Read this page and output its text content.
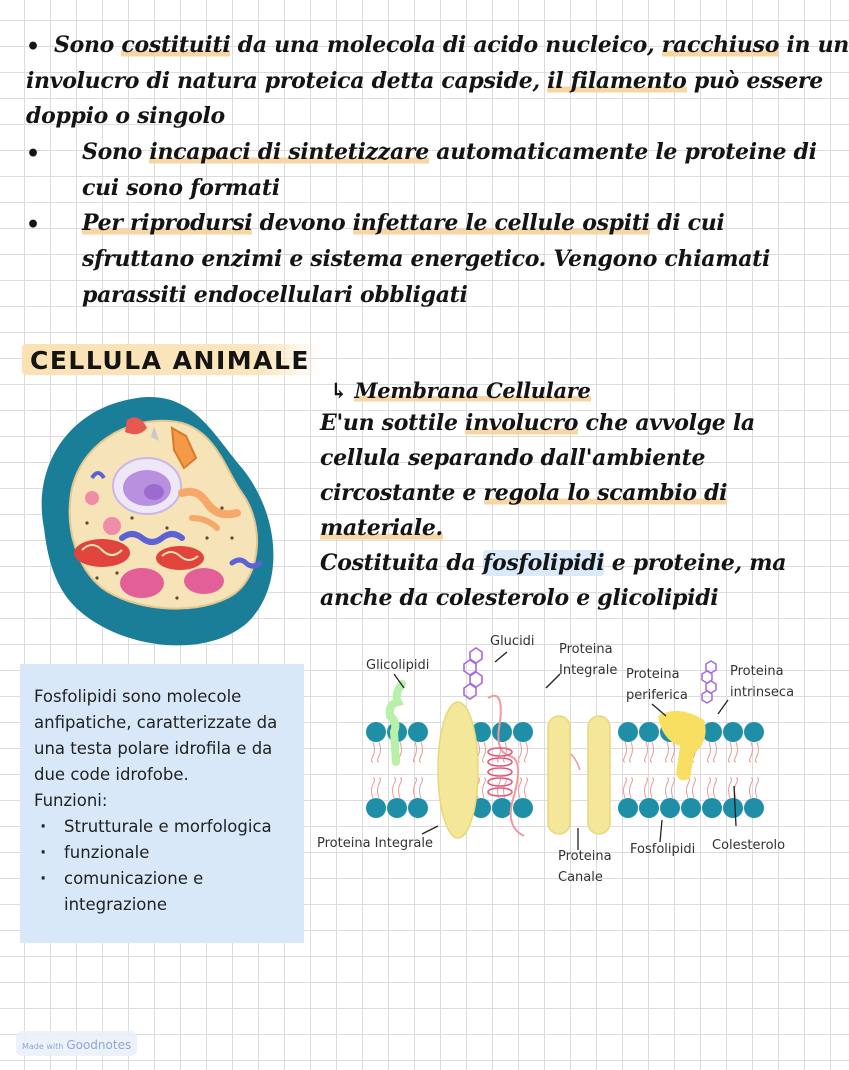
• Sono costituiti da una molecola di acido nucleico, racchiuso in un
involucro di natura proteica detta capside, il filamento può essere
doppio o singolo
• Sono incapaci di sintetizzare automaticamente le proteine di
cui sono formati
• Per riprodursi devono infettare le cellule ospiti di cui
sfruttano enzimi e sistema energetico. Vengono chiamati
parassiti endocellulari obbligati
CELLULA ANIMALE
↳ Membrana Cellulare
E'un sottile involucro che avvolge la
cellula separando dall'ambiente
circostante e regola lo scambio di
materiale.
Costituita da fosfolipidi e proteine, ma
anche da colesterolo e glicolipidi
Glicolipidi
Glucidi
Proteina
Integrale Proteina
periferica
Proteina
intrinseca
Proteina Integrale
Proteina
Canale
Fosfolipidi Colesterolo
Fosfolipidi sono molecole
anfipatiche, caratterizzate da
una testa polare idrofila e da
due code idrofobe.
Funzioni:
· Strutturale e morfologica
· funzionale
· comunicazione e integrazione
Made with Goodnotes
